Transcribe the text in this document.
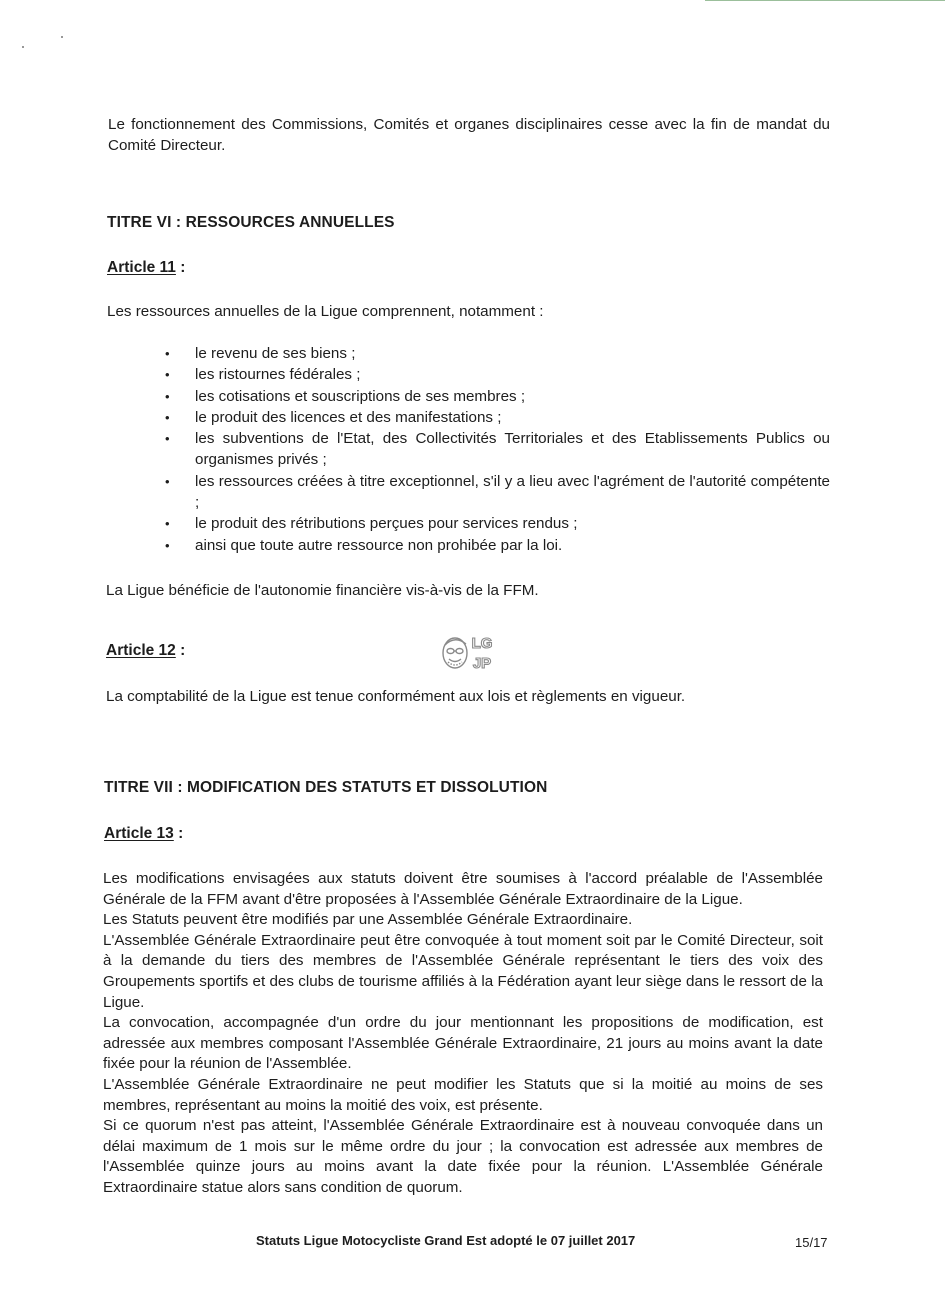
Le fonctionnement des Commissions, Comités et organes disciplinaires cesse avec la fin de mandat du Comité Directeur.

TITRE VI : RESSOURCES ANNUELLES

Article 11 :

Les ressources annuelles de la Ligue comprennent, notamment :

• le revenu de ses biens ;
• les ristournes fédérales ;
• les cotisations et souscriptions de ses membres ;
• le produit des licences et des manifestations ;
• les subventions de l'Etat, des Collectivités Territoriales et des Etablissements Publics ou organismes privés ;
• les ressources créées à titre exceptionnel, s'il y a lieu avec l'agrément de l'autorité compétente ;
• le produit des rétributions perçues pour services rendus ;
• ainsi que toute autre ressource non prohibée par la loi.

La Ligue bénéficie de l'autonomie financière vis-à-vis de la FFM.

Article 12 :	LG
JP

La comptabilité de la Ligue est tenue conformément aux lois et règlements en vigueur.

TITRE VII : MODIFICATION DES STATUTS ET DISSOLUTION

Article 13 :

Les modifications envisagées aux statuts doivent être soumises à l'accord préalable de l'Assemblée Générale de la FFM avant d'être proposées à l'Assemblée Générale Extraordinaire de la Ligue.
Les Statuts peuvent être modifiés par une Assemblée Générale Extraordinaire.
L'Assemblée Générale Extraordinaire peut être convoquée à tout moment soit par le Comité Directeur, soit à la demande du tiers des membres de l'Assemblée Générale représentant le tiers des voix des Groupements sportifs et des clubs de tourisme affiliés à la Fédération ayant leur siège dans le ressort de la Ligue.
La convocation, accompagnée d'un ordre du jour mentionnant les propositions de modification, est adressée aux membres composant l'Assemblée Générale Extraordinaire, 21 jours au moins avant la date fixée pour la réunion de l'Assemblée.
L'Assemblée Générale Extraordinaire ne peut modifier les Statuts que si la moitié au moins de ses membres, représentant au moins la moitié des voix, est présente.
Si ce quorum n'est pas atteint, l'Assemblée Générale Extraordinaire est à nouveau convoquée dans un délai maximum de 1 mois sur le même ordre du jour ; la convocation est adressée aux membres de l'Assemblée quinze jours au moins avant la date fixée pour la réunion. L'Assemblée Générale Extraordinaire statue alors sans condition de quorum.
Statuts Ligue Motocycliste Grand Est adopté le 07 juillet 2017	15/17
